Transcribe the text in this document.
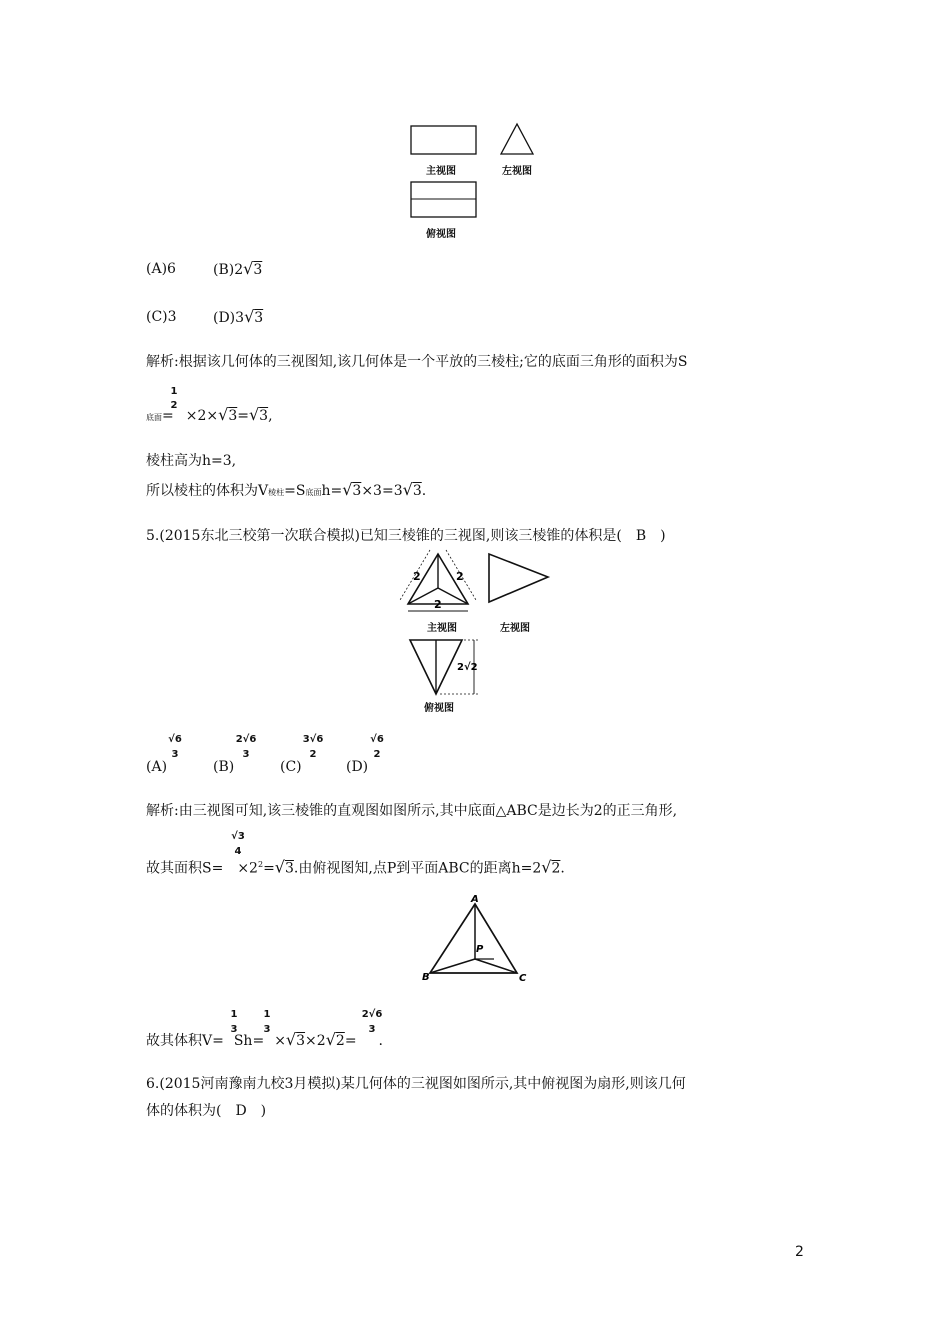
主视图	左视图
俯视图
(A)6	(B)2√3
(C)3	(D)3√3
解析:根据该几何体的三视图知,该几何体是一个平放的三棱柱;它的底面三角形的面积为S
1
2
底面= ×2×√3=√3,
棱柱高为h=3,
所以棱柱的体积为V棱柱=S底面h=√3×3=3√3.
5.(2015东北三校第一次联合模拟)已知三棱锥的三视图,则该三棱锥的体积是(　B　)
2	2
2
2√2
主视图	左视图
俯视图
√6
3
(A)
2√6
3
(B)
3√6
2
(C)
√6
2
(D)
解析:由三视图可知,该三棱锥的直观图如图所示,其中底面△ABC是边长为2的正三角形,
√3
4
故其面积$S= \times 2^2=√3$.由俯视图知,点P到平面ABC的距离h=2√2.
A
B	C
P
1
3
1
3
2√6
3
故其体积V= Sh= ×√3×2√2= .
6.(2015河南豫南九校3月模拟)某几何体的三视图如图所示,其中俯视图为扇形,则该几何
体的体积为(　D　)
2
